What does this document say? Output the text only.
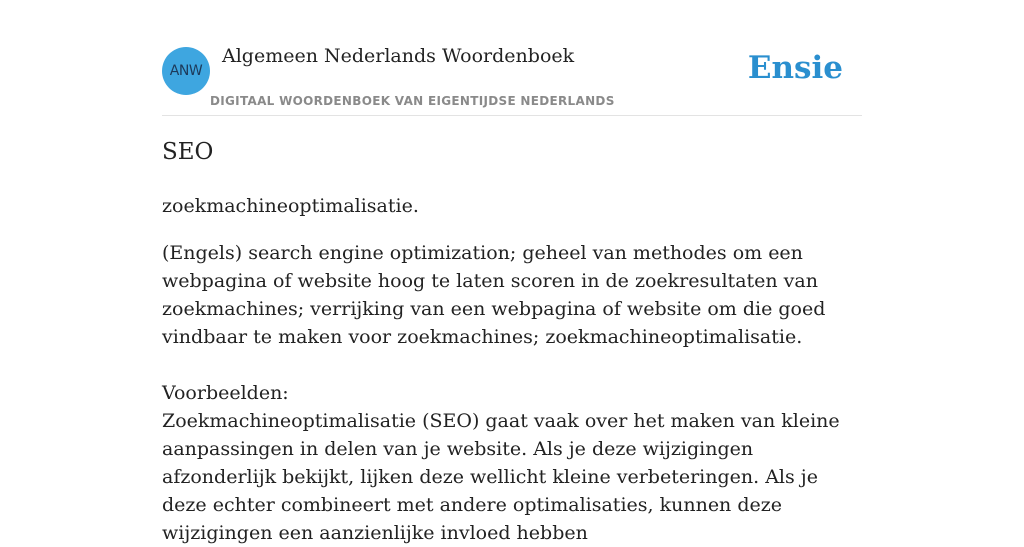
ANW
Algemeen Nederlands Woordenboek
DIGITAAL WOORDENBOEK VAN EIGENTIJDSE NEDERLANDS
Ensie
SEO
zoekmachineoptimalisatie.
(Engels) search engine optimization; geheel van methodes om een webpagina of website hoog te laten scoren in de zoekresultaten van zoekmachines; verrijking van een webpagina of website om die goed vindbaar te maken voor zoekmachines; zoekmachineoptimalisatie.
Voorbeelden:
Zoekmachineoptimalisatie (SEO) gaat vaak over het maken van kleine aanpassingen in delen van je website. Als je deze wijzigingen afzonderlijk bekijkt, lijken deze wellicht kleine verbeteringen. Als je deze echter combineert met andere optimalisaties, kunnen deze wijzigingen een aanzienlijke invloed hebben
